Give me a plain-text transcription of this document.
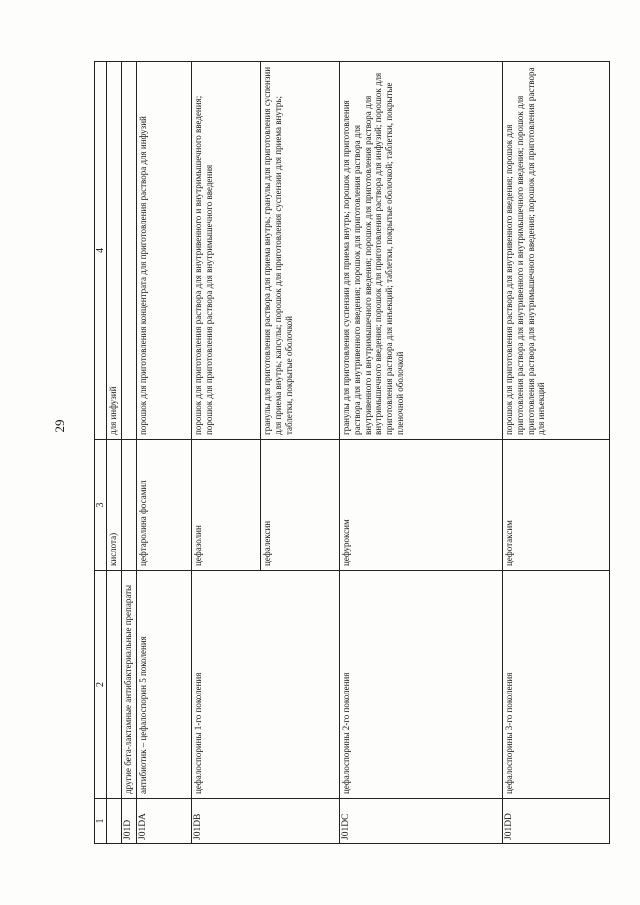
29
1	2	3	4
		кислота)	для инфузий
J01D	другие бета-лактамные антибактериальные препараты		
J01DA	антибиотик – цефалоспорин 5 поколения	цефтаролина фосамил	порошок для приготовления концентрата для приготовления раствора для инфузий
J01DB	цефалоспорины 1-го поколения	цефазолин	порошок для приготовления раствора для внутривенного и внутримышечного введения; порошок для приготовления раствора для внутримышечного введения
		цефалексин	гранулы для приготовления раствора для приема внутрь; гранулы для приготовления суспензии для приема внутрь; капсулы; порошок для приготовления суспензии для приема внутрь; таблетки, покрытые оболочкой
J01DC	цефалоспорины 2-го поколения	цефуроксим	гранулы для приготовления суспензии для приема внутрь; порошок для приготовления раствора для внутривенного введения; порошок для приготовления раствора для внутривенного и внутримышечного введения; порошок для приготовления раствора для внутримышечного введения; порошок для приготовления раствора для инфузий; порошок для приготовления раствора для инъекций; таблетки, покрытые оболочкой; таблетки, покрытые пленочной оболочкой
J01DD	цефалоспорины 3-го поколения	цефотаксим	порошок для приготовления раствора для внутривенного введения; порошок для приготовления раствора для внутривенного и внутримышечного введения; порошок для приготовления раствора для внутримышечного введения; порошок для приготовления раствора для инъекций
